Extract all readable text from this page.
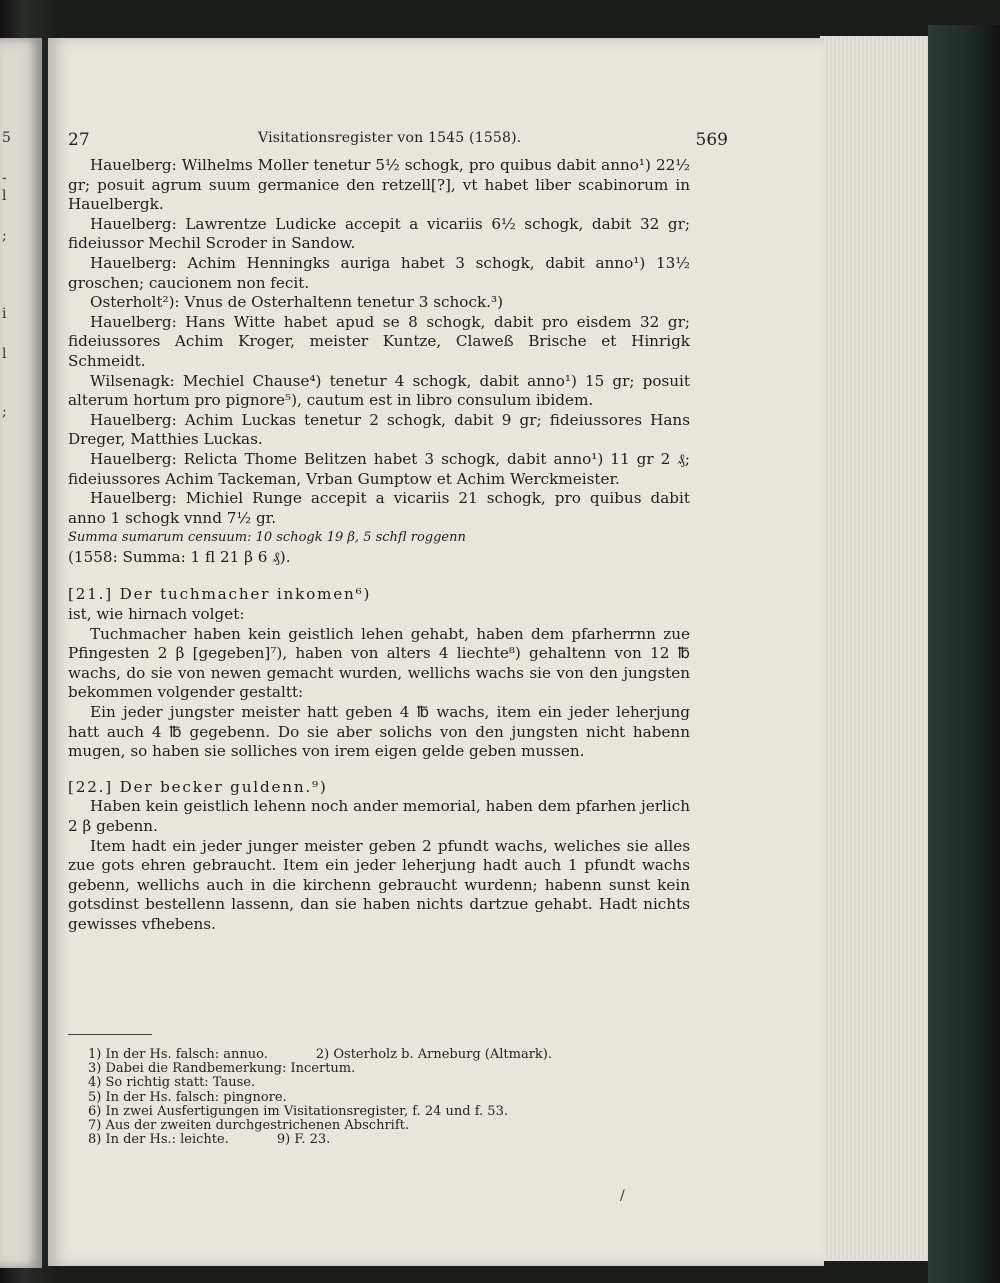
5
-
l
;
i
l
;
27	Visitationsregister von 1545 (1558).	569

Hauelberg: Wilhelms Moller tenetur 5½ schogk, pro quibus dabit anno¹) 22½ gr; posuit agrum suum germanice den retzell[?], vt habet liber scabinorum in Hauelbergk.

Hauelberg: Lawrentze Ludicke accepit a vicariis 6½ schogk, dabit 32 gr; fideiussor Mechil Scroder in Sandow.

Hauelberg: Achim Henningks auriga habet 3 schogk, dabit anno¹) 13½ groschen; caucionem non fecit.

Osterholt²): Vnus de Osterhaltenn tenetur 3 schock.³)

Hauelberg: Hans Witte habet apud se 8 schogk, dabit pro eisdem 32 gr; fideiussores Achim Kroger, meister Kuntze, Claweß Brische et Hinrigk Schmeidt.

Wilsenagk: Mechiel Chause⁴) tenetur 4 schogk, dabit anno¹) 15 gr; posuit alterum hortum pro pignore⁵), cautum est in libro consulum ibidem.

Hauelberg: Achim Luckas tenetur 2 schogk, dabit 9 gr; fideiussores Hans Dreger, Matthies Luckas.

Hauelberg: Relicta Thome Belitzen habet 3 schogk, dabit anno¹) 11 gr 2 ₰; fideiussores Achim Tackeman, Vrban Gumptow et Achim Werckmeister.

Hauelberg: Michiel Runge accepit a vicariis 21 schogk, pro quibus dabit anno 1 schogk vnnd 7½ gr.

Summa sumarum censuum: 10 schogk 19 β, 5 schfl roggenn

(1558: Summa: 1 fl 21 β 6 ₰).

[21.] Der tuchmacher inkomen⁶)

ist, wie hirnach volget:

Tuchmacher haben kein geistlich lehen gehabt, haben dem pfarherrnn zue Pfingesten 2 β [gegeben]⁷), haben von alters 4 liechte⁸) gehaltenn von 12 ℔ wachs, do sie von newen gemacht wurden, wellichs wachs sie von den jungsten bekommen volgender gestaltt:

Ein jeder jungster meister hatt geben 4 ℔ wachs, item ein jeder leherjung hatt auch 4 ℔ gegebenn. Do sie aber solichs von den jungsten nicht habenn mugen, so haben sie solliches von irem eigen gelde geben mussen.

[22.] Der becker guldenn.⁹)

Haben kein geistlich lehenn noch ander memorial, haben dem pfarhen jerlich 2 β gebenn.

Item hadt ein jeder junger meister geben 2 pfundt wachs, weliches sie alles zue gots ehren gebraucht. Item ein jeder leherjung hadt auch 1 pfundt wachs gebenn, wellichs auch in die kirchenn gebraucht wurdenn; habenn sunst kein gotsdinst bestellenn lassenn, dan sie haben nichts dartzue gehabt. Hadt nichts gewisses vfhebens.

1) In der Hs. falsch: annuo.	2) Osterholz b. Arneburg (Altmark).

3) Dabei die Randbemerkung: Incertum.

4) So richtig statt: Tause.

5) In der Hs. falsch: pingnore.

6) In zwei Ausfertigungen im Visitationsregister, f. 24 und f. 53.

7) Aus der zweiten durchgestrichenen Abschrift.

8) In der Hs.: leichte.	9) F. 23.

/
